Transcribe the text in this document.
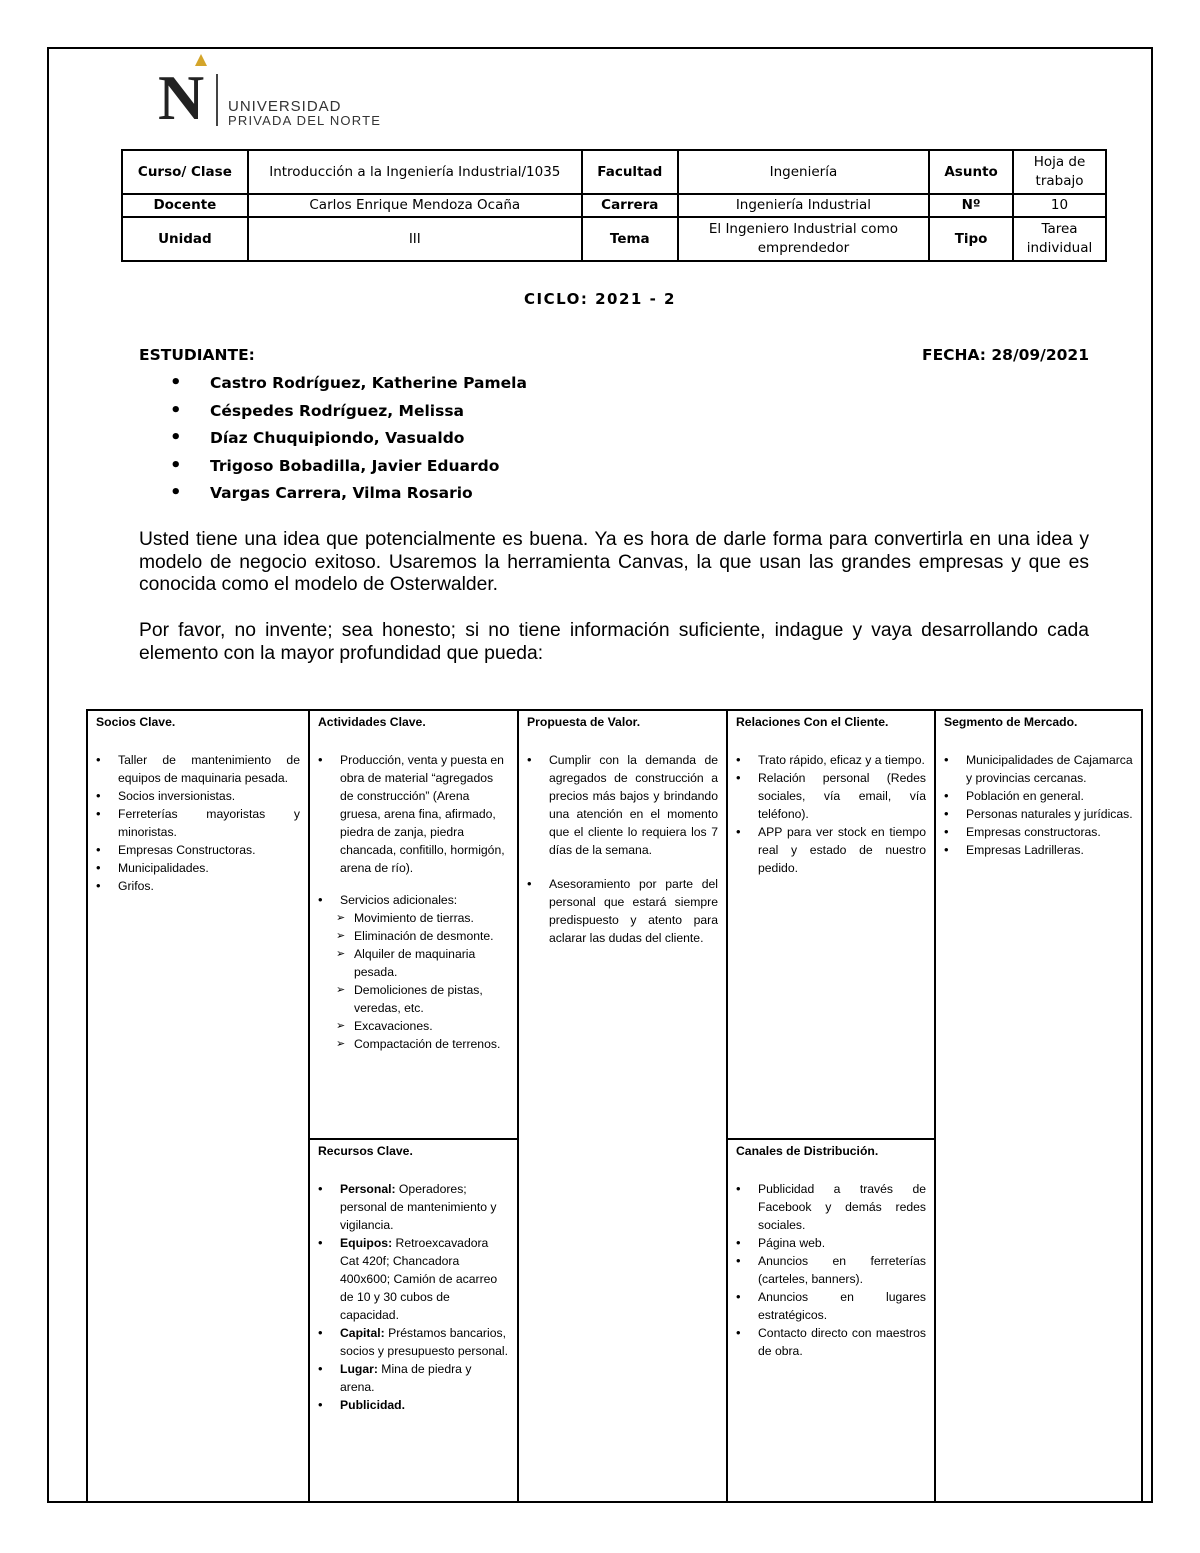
N UNIVERSIDAD
PRIVADA DEL NORTE
Curso/ Clase	Introducción a la Ingeniería Industrial/1035	Facultad	Ingeniería	Asunto	Hoja de trabajo
Docente	Carlos Enrique Mendoza Ocaña	Carrera	Ingeniería Industrial	Nº	10
Unidad	III	Tema	El Ingeniero Industrial como emprendedor	Tipo	Tarea individual
CICLO: 2021 - 2
ESTUDIANTE:	FECHA: 28/09/2021
• Castro Rodríguez, Katherine Pamela
• Céspedes Rodríguez, Melissa
• Díaz Chuquipiondo, Vasualdo
• Trigoso Bobadilla, Javier Eduardo
• Vargas Carrera, Vilma Rosario
Usted tiene una idea que potencialmente es buena. Ya es hora de darle forma para convertirla en una idea y modelo de negocio exitoso. Usaremos la herramienta Canvas, la que usan las grandes empresas y que es conocida como el modelo de Osterwalder.
Por favor, no invente; sea honesto; si no tiene información suficiente, indague y vaya desarrollando cada elemento con la mayor profundidad que pueda:
Socios Clave.
• Taller de mantenimiento de equipos de maquinaria pesada.
• Socios inversionistas.
• Ferreterías mayoristas y minoristas.
• Empresas Constructoras.
• Municipalidades.
• Grifos.
Actividades Clave.
• Producción, venta y puesta en obra de material “agregados de construcción” (Arena gruesa, arena fina, afirmado, piedra de zanja, piedra chancada, confitillo, hormigón, arena de río).
• Servicios adicionales:
➢ Movimiento de tierras.
➢ Eliminación de desmonte.
➢ Alquiler de maquinaria pesada.
➢ Demoliciones de pistas, veredas, etc.
➢ Excavaciones.
➢ Compactación de terrenos.
Recursos Clave.
• Personal: Operadores; personal de mantenimiento y vigilancia.
• Equipos: Retroexcavadora Cat 420f; Chancadora 400x600; Camión de acarreo de 10 y 30 cubos de capacidad.
• Capital: Préstamos bancarios, socios y presupuesto personal.
• Lugar: Mina de piedra y arena.
• Publicidad.
Propuesta de Valor.
• Cumplir con la demanda de agregados de construcción a precios más bajos y brindando una atención en el momento que el cliente lo requiera los 7 días de la semana.
• Asesoramiento por parte del personal que estará siempre predispuesto y atento para aclarar las dudas del cliente.
Relaciones Con el Cliente.
• Trato rápido, eficaz y a tiempo.
• Relación personal (Redes sociales, vía email, vía teléfono).
• APP para ver stock en tiempo real y estado de nuestro pedido.
Canales de Distribución.
• Publicidad a través de Facebook y demás redes sociales.
• Página web.
• Anuncios en ferreterías (carteles, banners).
• Anuncios en lugares estratégicos.
• Contacto directo con maestros de obra.
Segmento de Mercado.
• Municipalidades de Cajamarca y provincias cercanas.
• Población en general.
• Personas naturales y jurídicas.
• Empresas constructoras.
• Empresas Ladrilleras.
